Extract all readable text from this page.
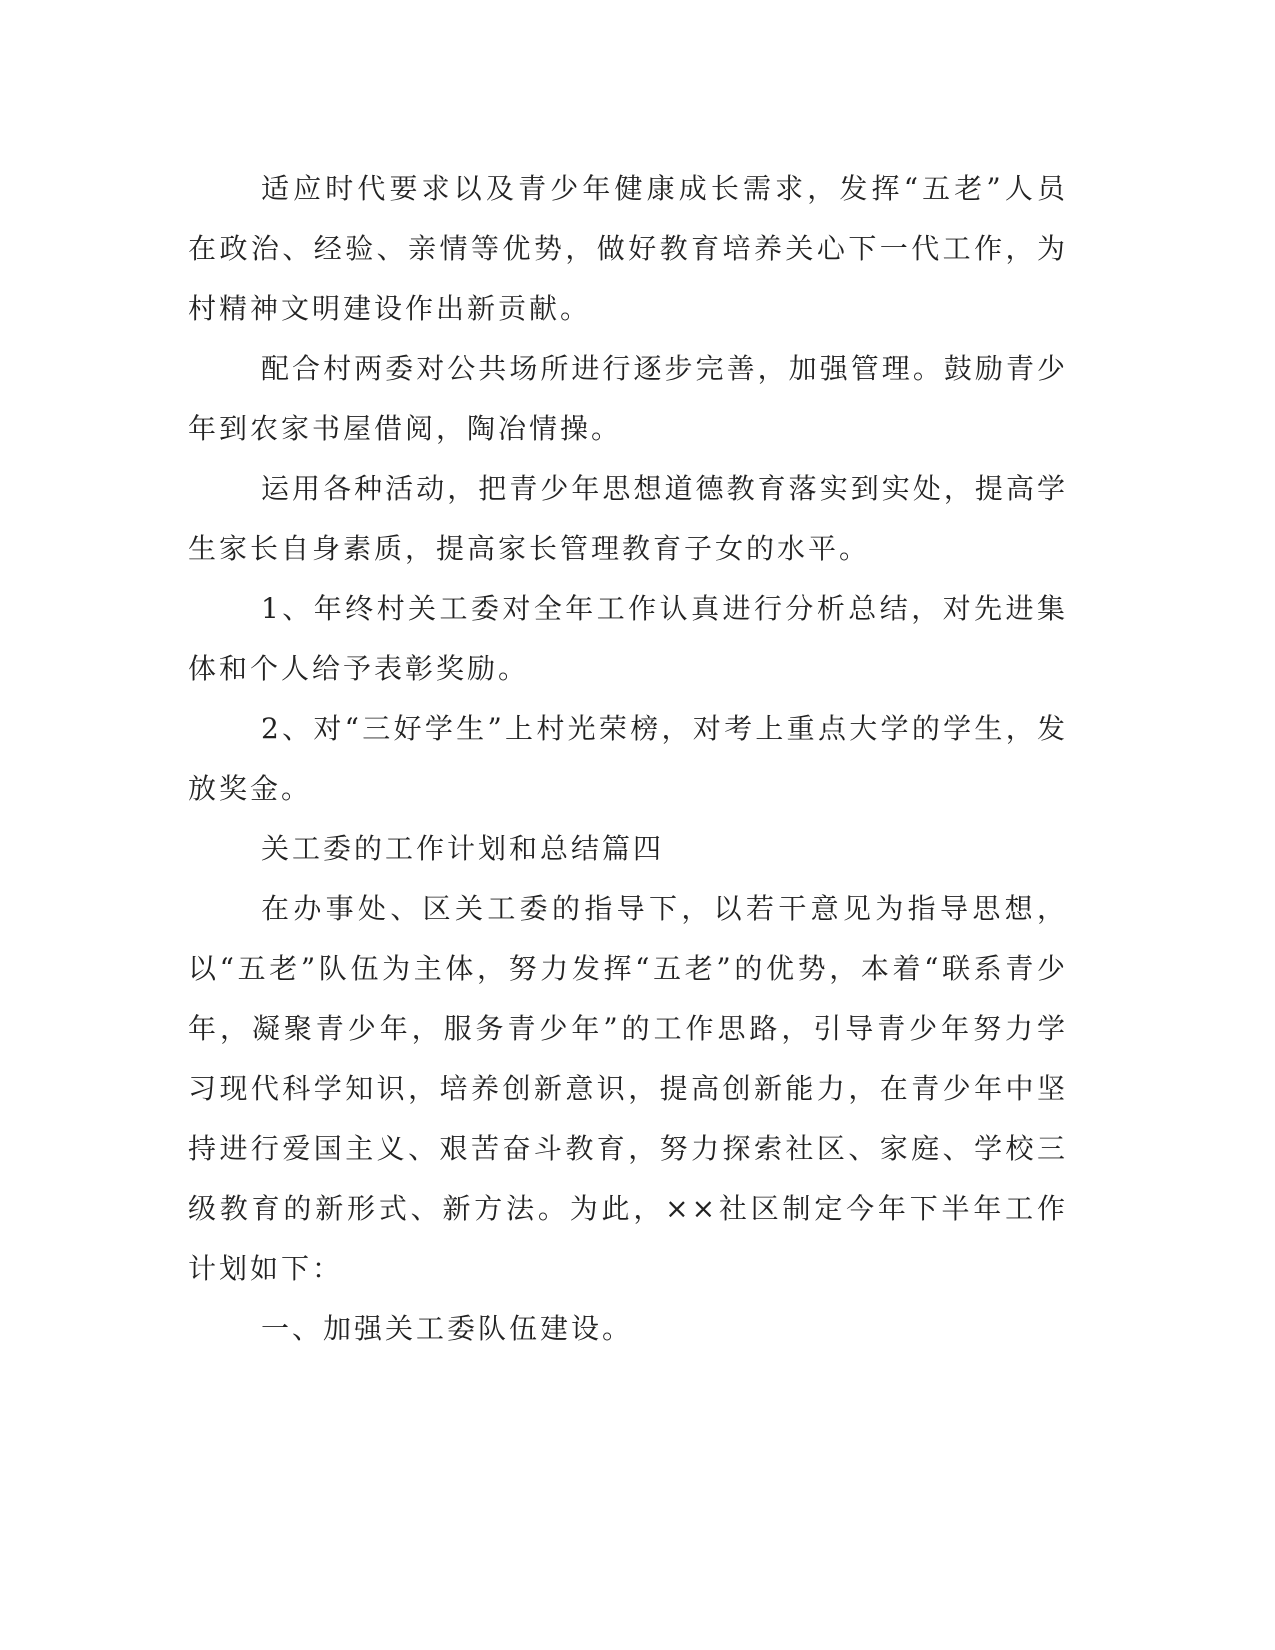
适应时代要求以及青少年健康成长需求，发挥“五老”人员在政治、经验、亲情等优势，做好教育培养关心下一代工作，为村精神文明建设作出新贡献。

配合村两委对公共场所进行逐步完善，加强管理。鼓励青少年到农家书屋借阅，陶冶情操。

运用各种活动，把青少年思想道德教育落实到实处，提高学生家长自身素质，提高家长管理教育子女的水平。

1、年终村关工委对全年工作认真进行分析总结，对先进集体和个人给予表彰奖励。

2、对“三好学生”上村光荣榜，对考上重点大学的学生，发放奖金。

关工委的工作计划和总结篇四

在办事处、区关工委的指导下，以若干意见为指导思想，以“五老”队伍为主体，努力发挥“五老”的优势，本着“联系青少年，凝聚青少年，服务青少年”的工作思路，引导青少年努力学习现代科学知识，培养创新意识，提高创新能力，在青少年中坚持进行爱国主义、艰苦奋斗教育，努力探索社区、家庭、学校三级教育的新形式、新方法。为此，××社区制定今年下半年工作计划如下：

一、加强关工委队伍建设。
